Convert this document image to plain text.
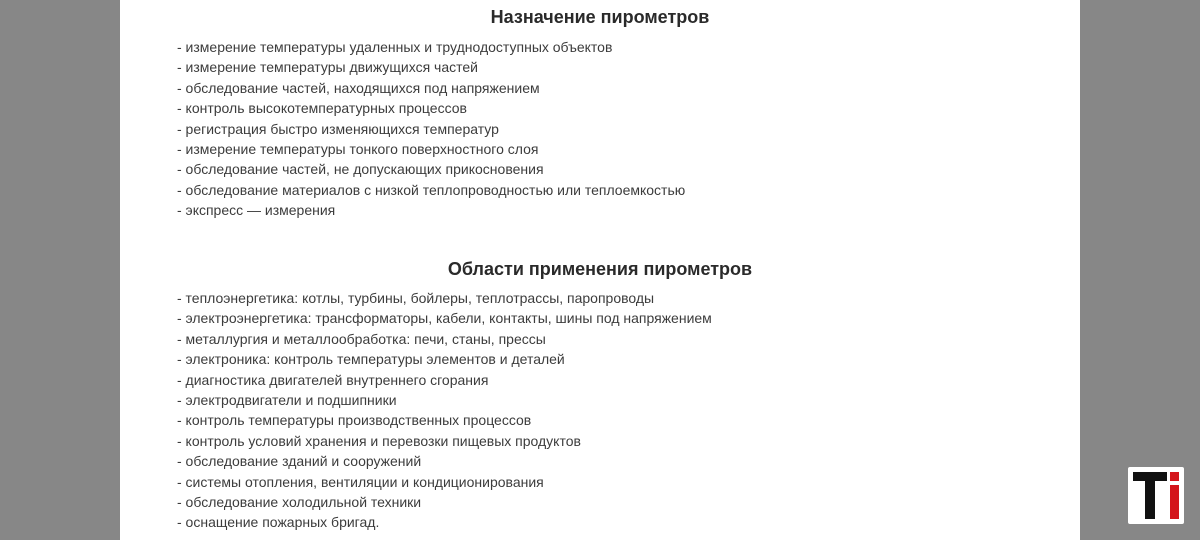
Назначение пирометров
- измерение температуры удаленных и труднодоступных объектов
- измерение температуры движущихся частей
- обследование частей, находящихся под напряжением
- контроль высокотемпературных процессов
- регистрация быстро изменяющихся температур
- измерение температуры тонкого поверхностного слоя
- обследование частей, не допускающих прикосновения
- обследование материалов с низкой теплопроводностью или теплоемкостью
- экспресс — измерения
Области применения пирометров
- теплоэнергетика: котлы, турбины, бойлеры, теплотрассы, паропроводы
- электроэнергетика: трансформаторы, кабели, контакты, шины под напряжением
- металлургия и металлообработка: печи, станы, прессы
- электроника: контроль температуры элементов и деталей
- диагностика двигателей внутреннего сгорания
- электродвигатели и подшипники
- контроль температуры производственных процессов
- контроль условий хранения и перевозки пищевых продуктов
- обследование зданий и сооружений
- системы отопления, вентиляции и кондиционирования
- обследование холодильной техники
- оснащение пожарных бригад.
